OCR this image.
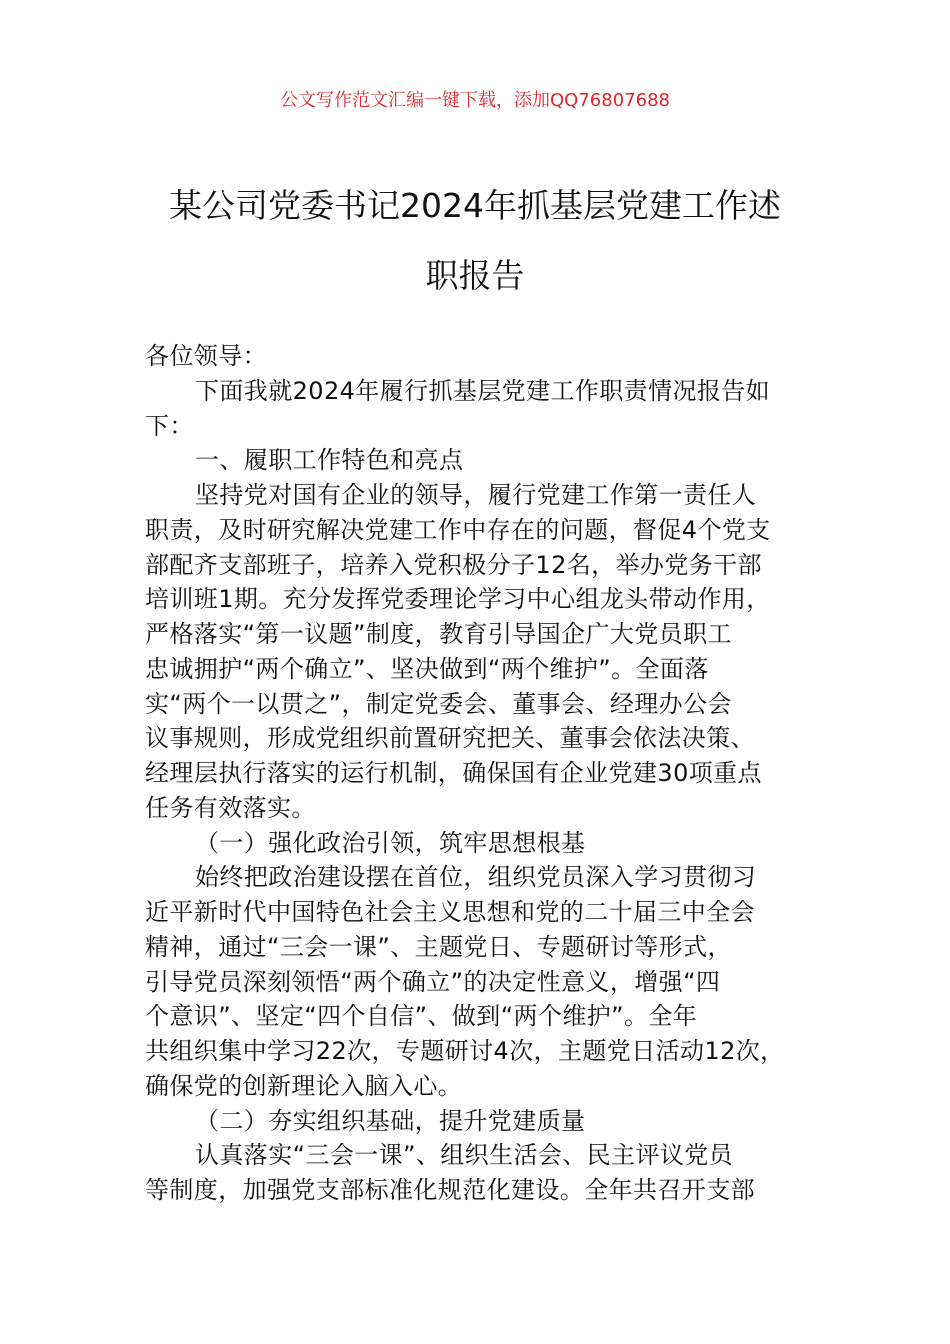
公文写作范文汇编一键下载，添加QQ76807688
某公司党委书记2024年抓基层党建工作述
职报告
各位领导：
下面我就2024年履行抓基层党建工作职责情况报告如
下：
一、履职工作特色和亮点
坚持党对国有企业的领导，履行党建工作第一责任人
职责，及时研究解决党建工作中存在的问题，督促4个党支
部配齐支部班子，培养入党积极分子12名，举办党务干部
培训班1期。充分发挥党委理论学习中心组龙头带动作用，
严格落实“第一议题”制度，教育引导国企广大党员职工
忠诚拥护“两个确立”、坚决做到“两个维护”。全面落
实“两个一以贯之”，制定党委会、董事会、经理办公会
议事规则，形成党组织前置研究把关、董事会依法决策、
经理层执行落实的运行机制，确保国有企业党建30项重点
任务有效落实。
（一）强化政治引领，筑牢思想根基
始终把政治建设摆在首位，组织党员深入学习贯彻习
近平新时代中国特色社会主义思想和党的二十届三中全会
精神，通过“三会一课”、主题党日、专题研讨等形式，
引导党员深刻领悟“两个确立”的决定性意义，增强“四
个意识”、坚定“四个自信”、做到“两个维护”。全年
共组织集中学习22次，专题研讨4次，主题党日活动12次，
确保党的创新理论入脑入心。
（二）夯实组织基础，提升党建质量
认真落实“三会一课”、组织生活会、民主评议党员
等制度，加强党支部标准化规范化建设。全年共召开支部
